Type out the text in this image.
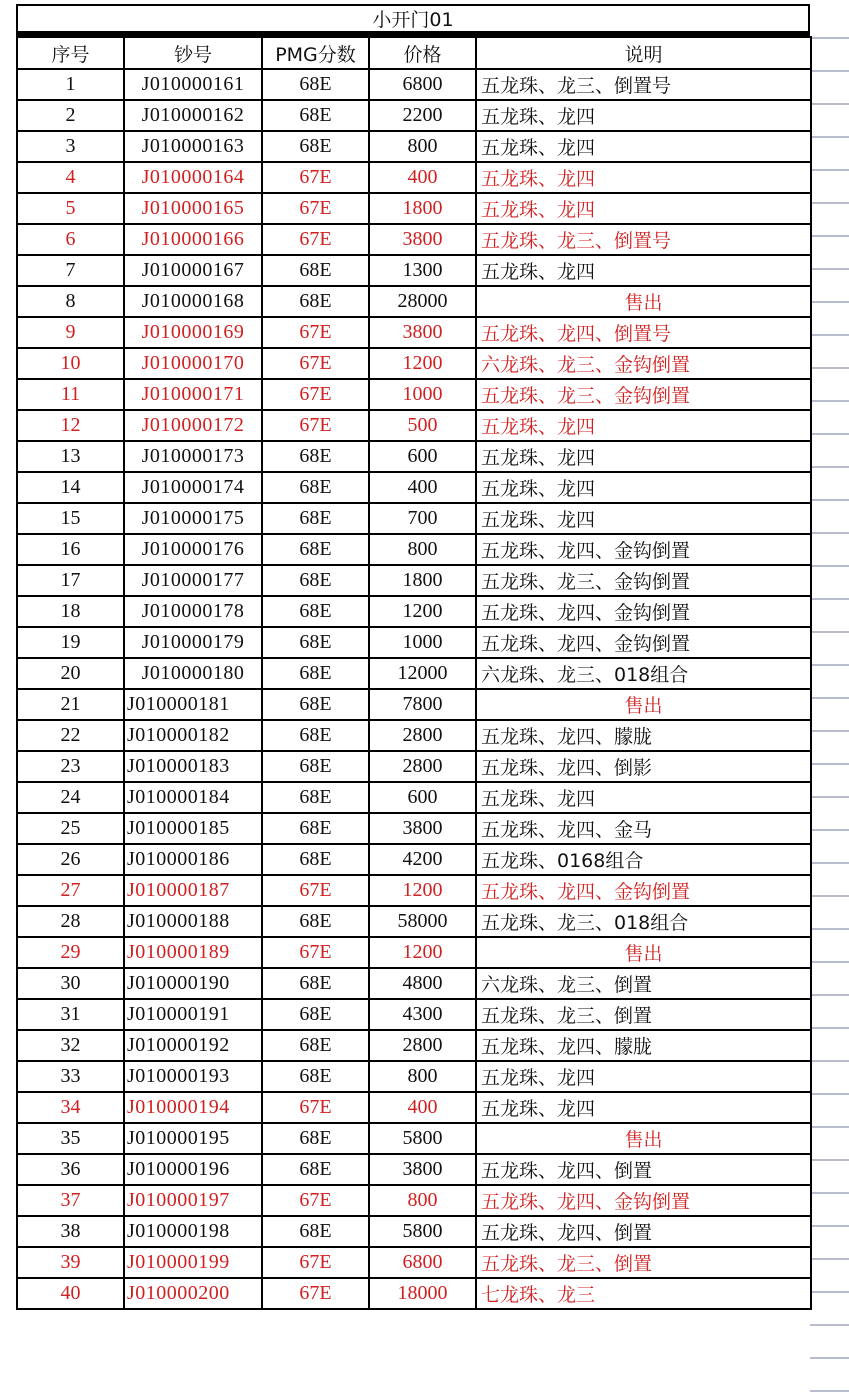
小开门01
序号	钞号	PMG分数	价格	说明
1	J010000161	68E	6800	五龙珠、龙三、倒置号
2	J010000162	68E	2200	五龙珠、龙四
3	J010000163	68E	800	五龙珠、龙四
4	J010000164	67E	400	五龙珠、龙四
5	J010000165	67E	1800	五龙珠、龙四
6	J010000166	67E	3800	五龙珠、龙三、倒置号
7	J010000167	68E	1300	五龙珠、龙四
8	J010000168	68E	28000	售出
9	J010000169	67E	3800	五龙珠、龙四、倒置号
10	J010000170	67E	1200	六龙珠、龙三、金钩倒置
11	J010000171	67E	1000	五龙珠、龙三、金钩倒置
12	J010000172	67E	500	五龙珠、龙四
13	J010000173	68E	600	五龙珠、龙四
14	J010000174	68E	400	五龙珠、龙四
15	J010000175	68E	700	五龙珠、龙四
16	J010000176	68E	800	五龙珠、龙四、金钩倒置
17	J010000177	68E	1800	五龙珠、龙三、金钩倒置
18	J010000178	68E	1200	五龙珠、龙四、金钩倒置
19	J010000179	68E	1000	五龙珠、龙四、金钩倒置
20	J010000180	68E	12000	六龙珠、龙三、018组合
21	J010000181	68E	7800	售出
22	J010000182	68E	2800	五龙珠、龙四、朦胧
23	J010000183	68E	2800	五龙珠、龙四、倒影
24	J010000184	68E	600	五龙珠、龙四
25	J010000185	68E	3800	五龙珠、龙四、金马
26	J010000186	68E	4200	五龙珠、0168组合
27	J010000187	67E	1200	五龙珠、龙四、金钩倒置
28	J010000188	68E	58000	五龙珠、龙三、018组合
29	J010000189	67E	1200	售出
30	J010000190	68E	4800	六龙珠、龙三、倒置
31	J010000191	68E	4300	五龙珠、龙三、倒置
32	J010000192	68E	2800	五龙珠、龙四、朦胧
33	J010000193	68E	800	五龙珠、龙四
34	J010000194	67E	400	五龙珠、龙四
35	J010000195	68E	5800	售出
36	J010000196	68E	3800	五龙珠、龙四、倒置
37	J010000197	67E	800	五龙珠、龙四、金钩倒置
38	J010000198	68E	5800	五龙珠、龙四、倒置
39	J010000199	67E	6800	五龙珠、龙三、倒置
40	J010000200	67E	18000	七龙珠、龙三
